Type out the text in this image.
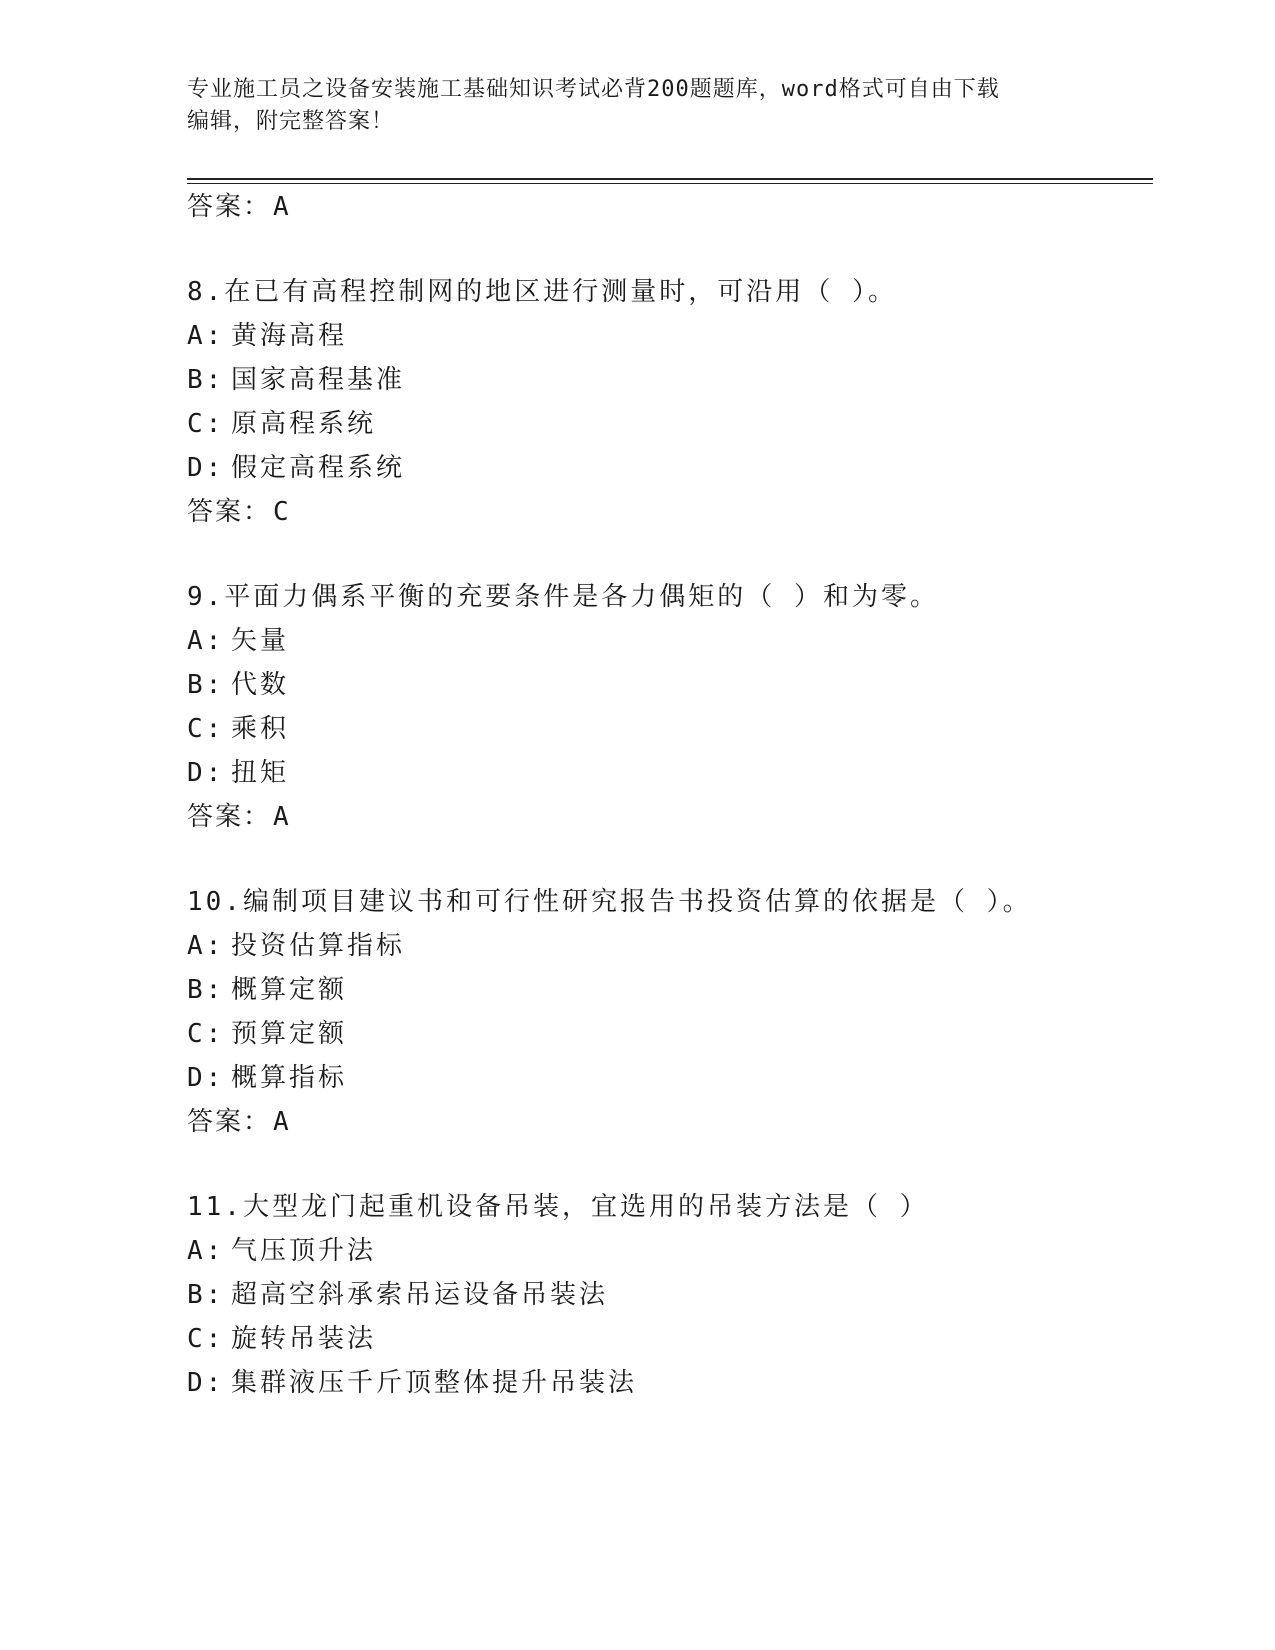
专业施工员之设备安装施工基础知识考试必背200题题库，word格式可自由下载
编辑，附完整答案！
答案：A
8.在已有高程控制网的地区进行测量时，可沿用（ ）。
A: 黄海高程
B: 国家高程基准
C: 原高程系统
D: 假定高程系统
答案：C
9.平面力偶系平衡的充要条件是各力偶矩的（ ）和为零。
A: 矢量
B: 代数
C: 乘积
D: 扭矩
答案：A
10.编制项目建议书和可行性研究报告书投资估算的依据是（ ）。
A: 投资估算指标
B: 概算定额
C: 预算定额
D: 概算指标
答案：A
11.大型龙门起重机设备吊装，宜选用的吊装方法是（ ）
A: 气压顶升法
B: 超高空斜承索吊运设备吊装法
C: 旋转吊装法
D: 集群液压千斤顶整体提升吊装法
